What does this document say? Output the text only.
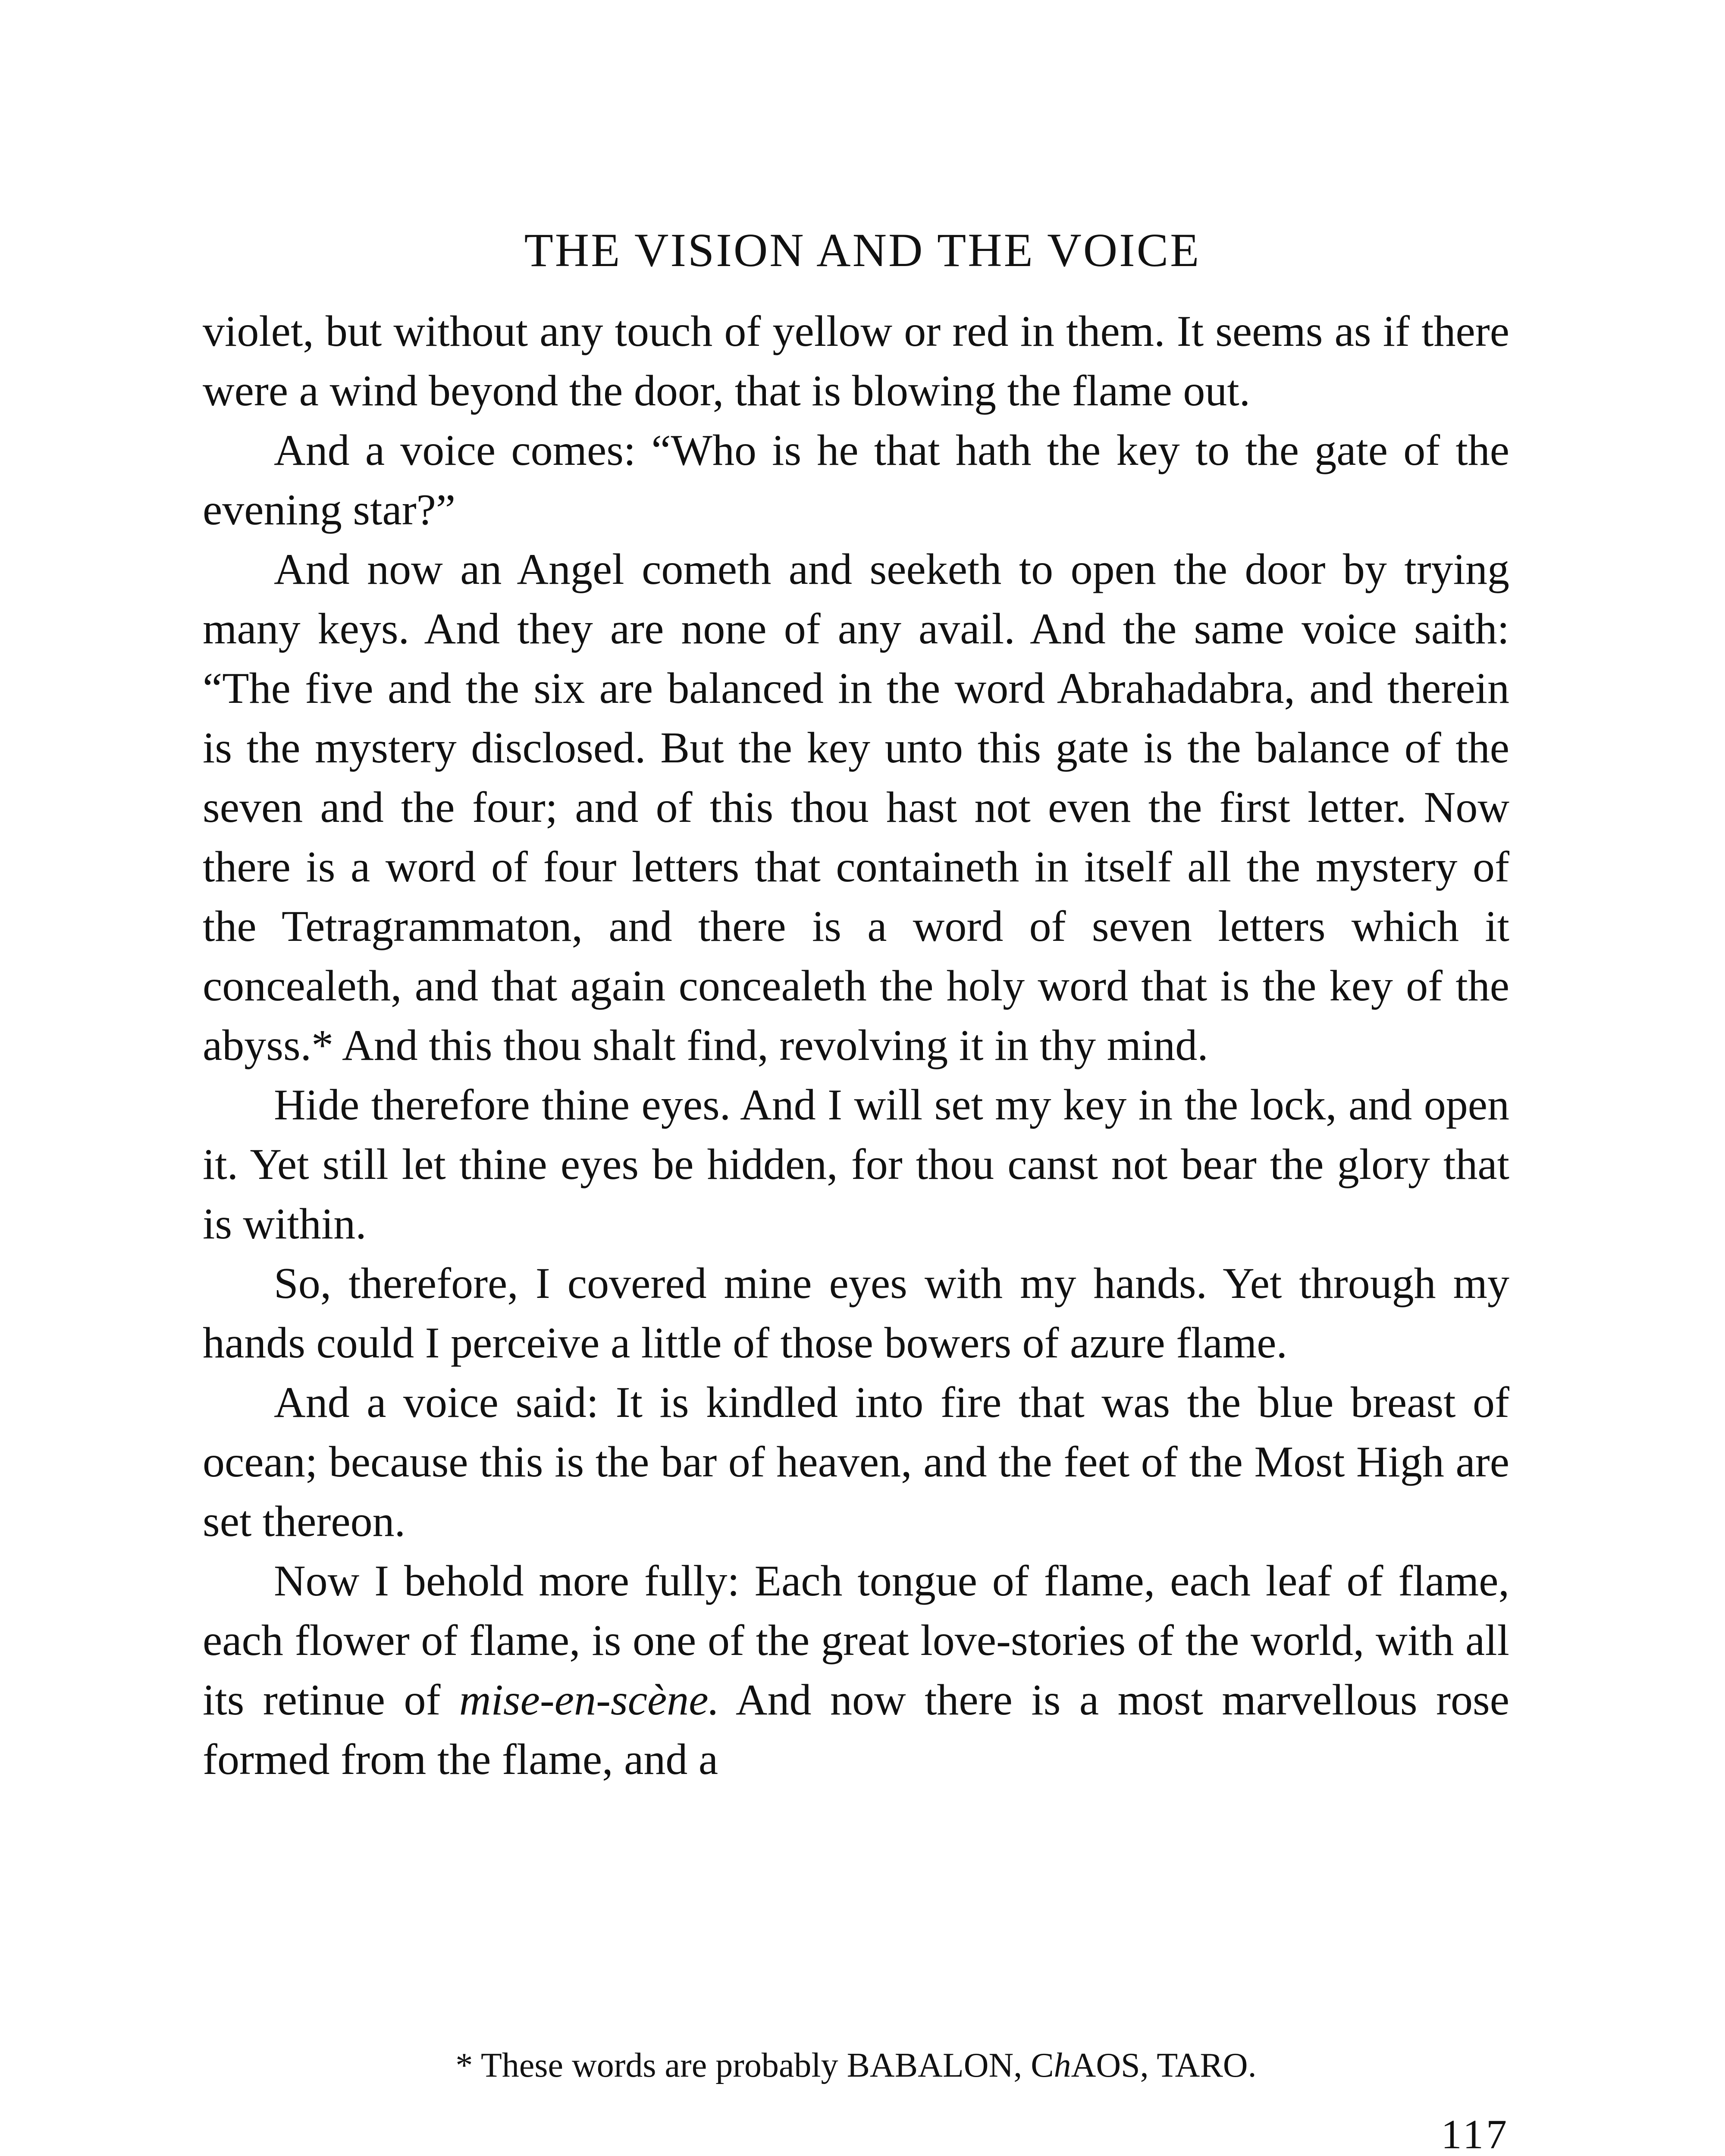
THE VISION AND THE VOICE

violet, but without any touch of yellow or red in them. It seems as if there were a wind beyond the door, that is blowing the flame out.

And a voice comes: “Who is he that hath the key to the gate of the evening star?”

And now an Angel cometh and seeketh to open the door by trying many keys. And they are none of any avail. And the same voice saith: “The five and the six are balanced in the word Abrahadabra, and therein is the mystery disclosed. But the key unto this gate is the balance of the seven and the four; and of this thou hast not even the first letter. Now there is a word of four letters that containeth in itself all the mystery of the Tetragrammaton, and there is a word of seven letters which it concealeth, and that again concealeth the holy word that is the key of the abyss.* And this thou shalt find, revolving it in thy mind.

Hide therefore thine eyes. And I will set my key in the lock, and open it. Yet still let thine eyes be hidden, for thou canst not bear the glory that is within.

So, therefore, I covered mine eyes with my hands. Yet through my hands could I perceive a little of those bowers of azure flame.

And a voice said: It is kindled into fire that was the blue breast of ocean; because this is the bar of heaven, and the feet of the Most High are set thereon.

Now I behold more fully: Each tongue of flame, each leaf of flame, each flower of flame, is one of the great love-stories of the world, with all its retinue of mise-en-scène. And now there is a most marvellous rose formed from the flame, and a

* These words are probably BABALON, ChAOS, TARO.

117
